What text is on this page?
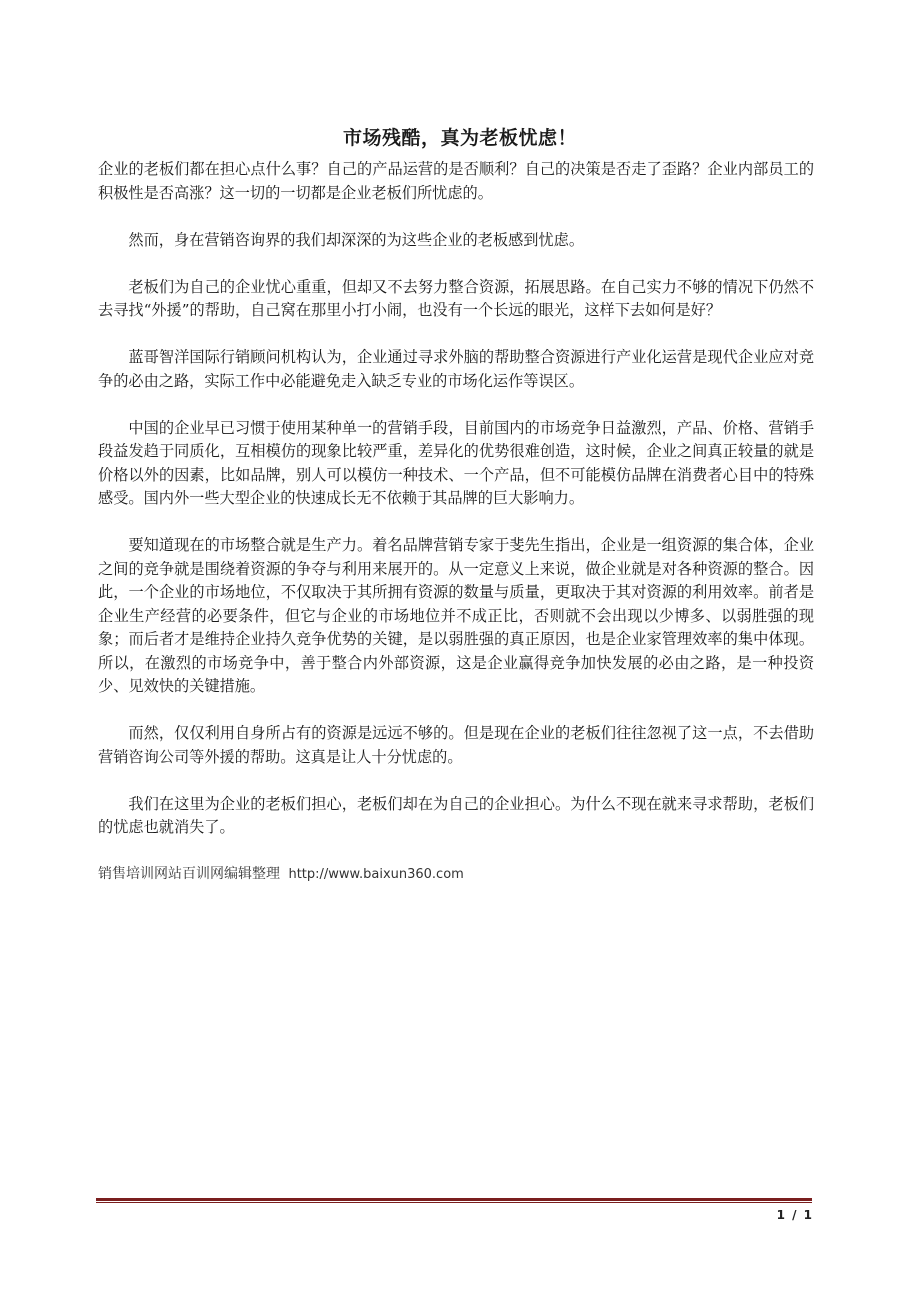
市场残酷，真为老板忧虑！

企业的老板们都在担心点什么事？自己的产品运营的是否顺利？自己的决策是否走了歪路？企业内部员工的积极性是否高涨？这一切的一切都是企业老板们所忧虑的。

然而，身在营销咨询界的我们却深深的为这些企业的老板感到忧虑。

老板们为自己的企业忧心重重，但却又不去努力整合资源，拓展思路。在自己实力不够的情况下仍然不去寻找“外援”的帮助，自己窝在那里小打小闹，也没有一个长远的眼光，这样下去如何是好？

蓝哥智洋国际行销顾问机构认为，企业通过寻求外脑的帮助整合资源进行产业化运营是现代企业应对竞争的必由之路，实际工作中必能避免走入缺乏专业的市场化运作等误区。

中国的企业早已习惯于使用某种单一的营销手段，目前国内的市场竞争日益激烈，产品、价格、营销手段益发趋于同质化，互相模仿的现象比较严重，差异化的优势很难创造，这时候，企业之间真正较量的就是价格以外的因素，比如品牌，别人可以模仿一种技术、一个产品，但不可能模仿品牌在消费者心目中的特殊感受。国内外一些大型企业的快速成长无不依赖于其品牌的巨大影响力。

要知道现在的市场整合就是生产力。着名品牌营销专家于斐先生指出，企业是一组资源的集合体，企业之间的竞争就是围绕着资源的争夺与利用来展开的。从一定意义上来说，做企业就是对各种资源的整合。因此，一个企业的市场地位，不仅取决于其所拥有资源的数量与质量，更取决于其对资源的利用效率。前者是企业生产经营的必要条件，但它与企业的市场地位并不成正比，否则就不会出现以少博多、以弱胜强的现象；而后者才是维持企业持久竞争优势的关键，是以弱胜强的真正原因，也是企业家管理效率的集中体现。所以，在激烈的市场竞争中，善于整合内外部资源，这是企业赢得竞争加快发展的必由之路，是一种投资少、见效快的关键措施。

而然，仅仅利用自身所占有的资源是远远不够的。但是现在企业的老板们往往忽视了这一点，不去借助营销咨询公司等外援的帮助。这真是让人十分忧虑的。

我们在这里为企业的老板们担心，老板们却在为自己的企业担心。为什么不现在就来寻求帮助，老板们的忧虑也就消失了。

销售培训网站百训网编辑整理 http://www.baixun360.com

1 / 1
